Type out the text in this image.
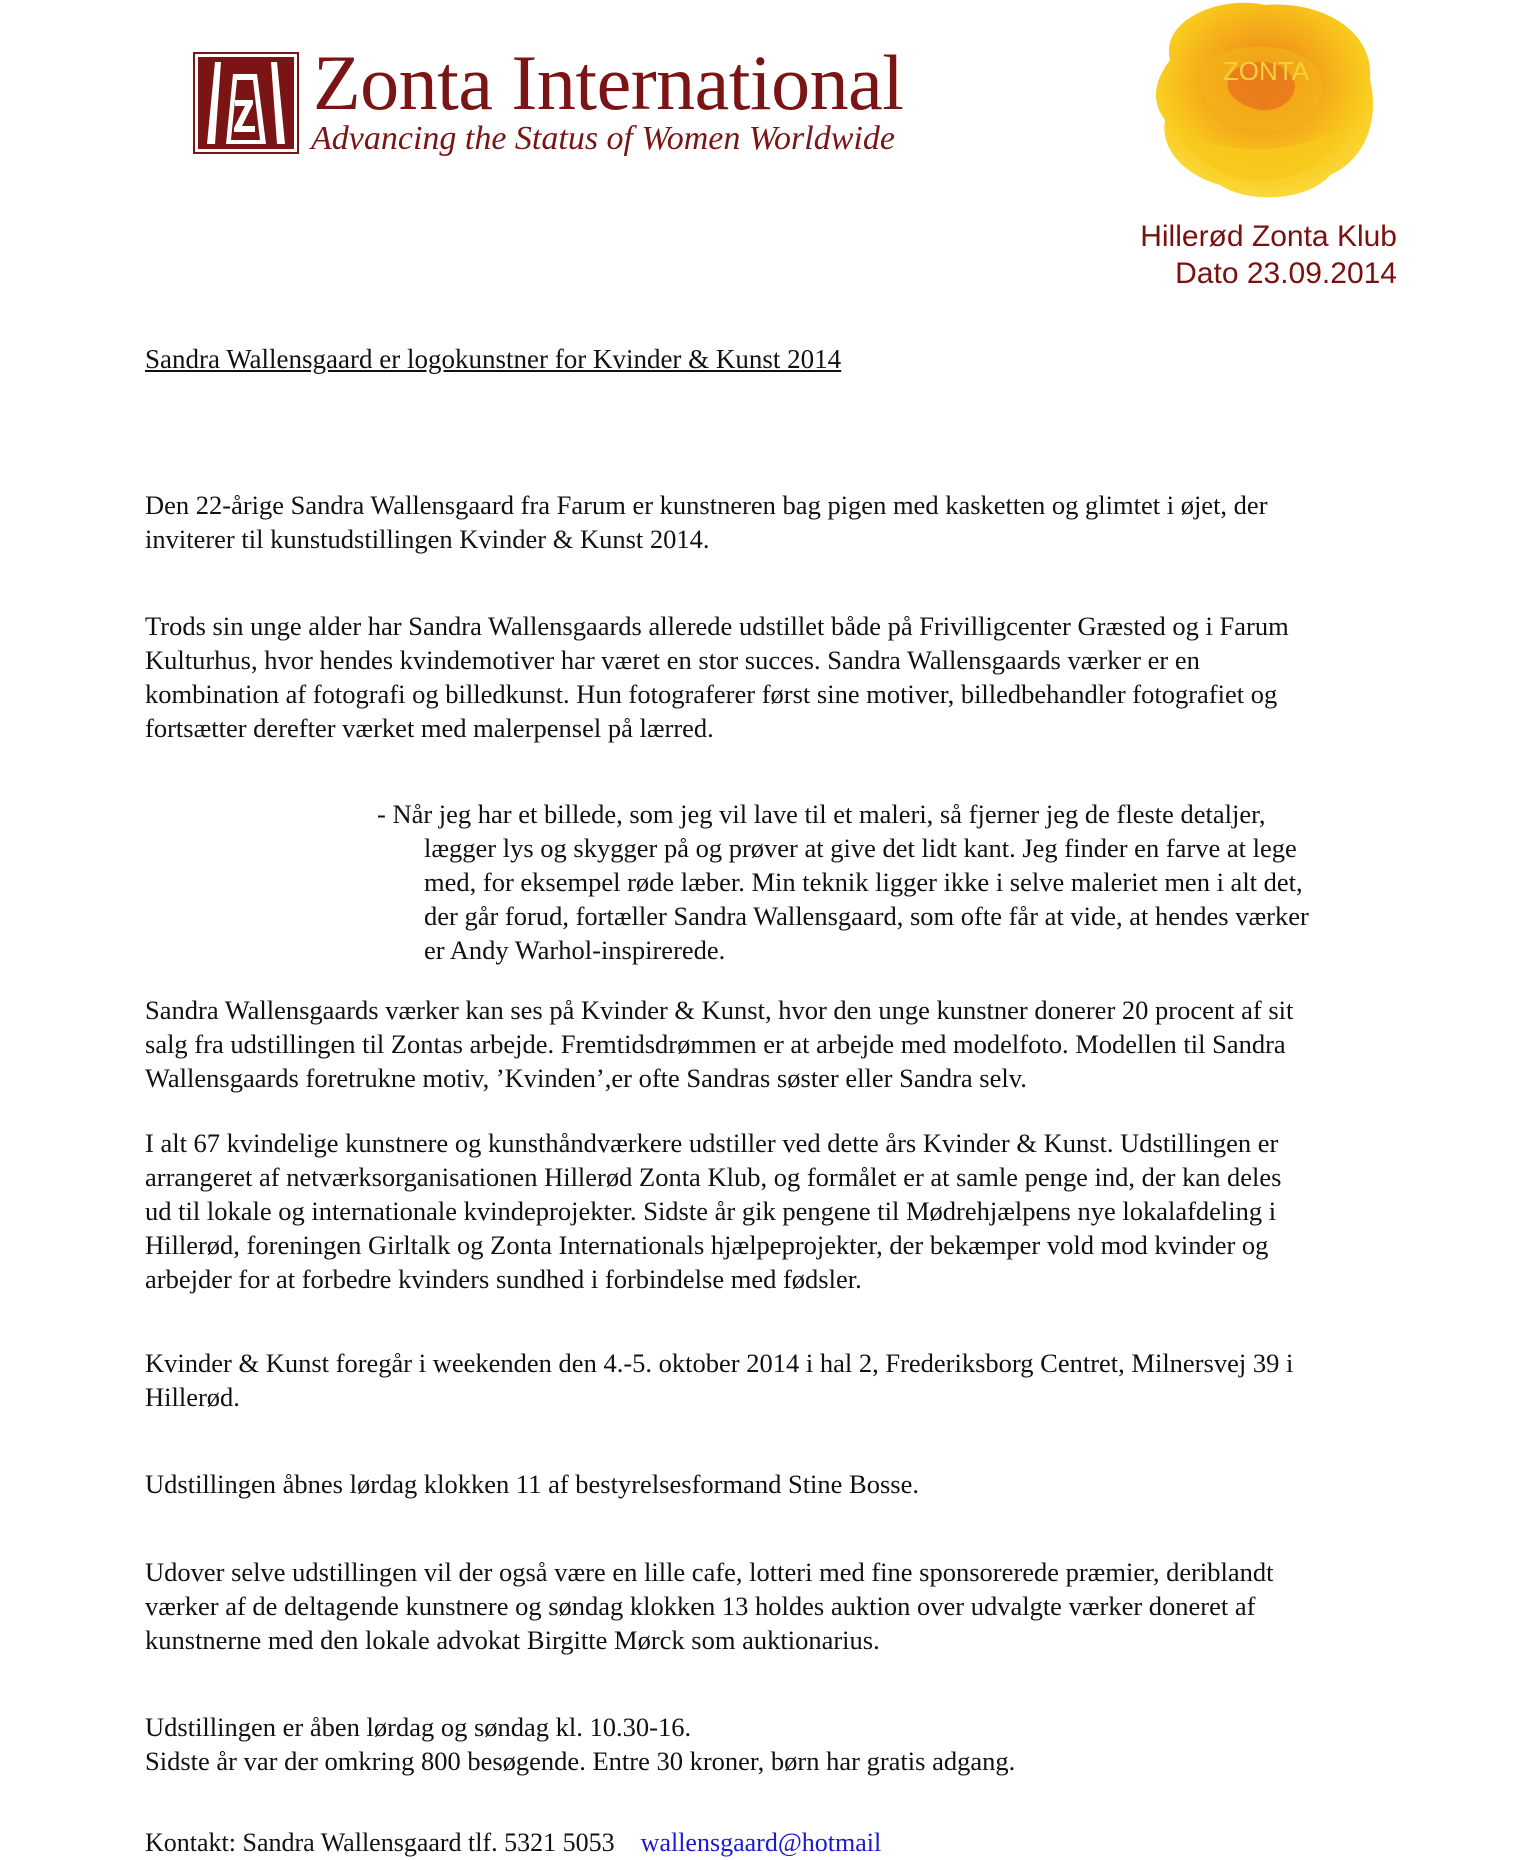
Zonta International
Advancing the Status of Women Worldwide
ZONTA
Hillerød Zonta Klub
Dato 23.09.2014
Sandra Wallensgaard er logokunstner for Kvinder & Kunst 2014

Den 22-årige Sandra Wallensgaard fra Farum er kunstneren bag pigen med kasketten og glimtet i øjet, der
inviterer til kunstudstillingen Kvinder & Kunst 2014.

Trods sin unge alder har Sandra Wallensgaards allerede udstillet både på Frivilligcenter Græsted og i Farum
Kulturhus, hvor hendes kvindemotiver har været en stor succes. Sandra Wallensgaards værker er en
kombination af fotografi og billedkunst. Hun fotograferer først sine motiver, billedbehandler fotografiet og
fortsætter derefter værket med malerpensel på lærred.

- Når jeg har et billede, som jeg vil lave til et maleri, så fjerner jeg de fleste detaljer,
lægger lys og skygger på og prøver at give det lidt kant. Jeg finder en farve at lege
med, for eksempel røde læber. Min teknik ligger ikke i selve maleriet men i alt det,
der går forud, fortæller Sandra Wallensgaard, som ofte får at vide, at hendes værker
er Andy Warhol-inspirerede.

Sandra Wallensgaards værker kan ses på Kvinder & Kunst, hvor den unge kunstner donerer 20 procent af sit
salg fra udstillingen til Zontas arbejde. Fremtidsdrømmen er at arbejde med modelfoto. Modellen til Sandra
Wallensgaards foretrukne motiv, ’Kvinden’,er ofte Sandras søster eller Sandra selv.

I alt 67 kvindelige kunstnere og kunsthåndværkere udstiller ved dette års Kvinder & Kunst. Udstillingen er
arrangeret af netværksorganisationen Hillerød Zonta Klub, og formålet er at samle penge ind, der kan deles
ud til lokale og internationale kvindeprojekter. Sidste år gik pengene til Mødrehjælpens nye lokalafdeling i
Hillerød, foreningen Girltalk og Zonta Internationals hjælpeprojekter, der bekæmper vold mod kvinder og
arbejder for at forbedre kvinders sundhed i forbindelse med fødsler.

Kvinder & Kunst foregår i weekenden den 4.-5. oktober 2014 i hal 2, Frederiksborg Centret, Milnersvej 39 i
Hillerød.

Udstillingen åbnes lørdag klokken 11 af bestyrelsesformand Stine Bosse.

Udover selve udstillingen vil der også være en lille cafe, lotteri med fine sponsorerede præmier, deriblandt
værker af de deltagende kunstnere og søndag klokken 13 holdes auktion over udvalgte værker doneret af
kunstnerne med den lokale advokat Birgitte Mørck som auktionarius.

Udstillingen er åben lørdag og søndag kl. 10.30-16.
Sidste år var der omkring 800 besøgende. Entre 30 kroner, børn har gratis adgang.

Kontakt: Sandra Wallensgaard tlf. 5321 5053 wallensgaard@hotmail
